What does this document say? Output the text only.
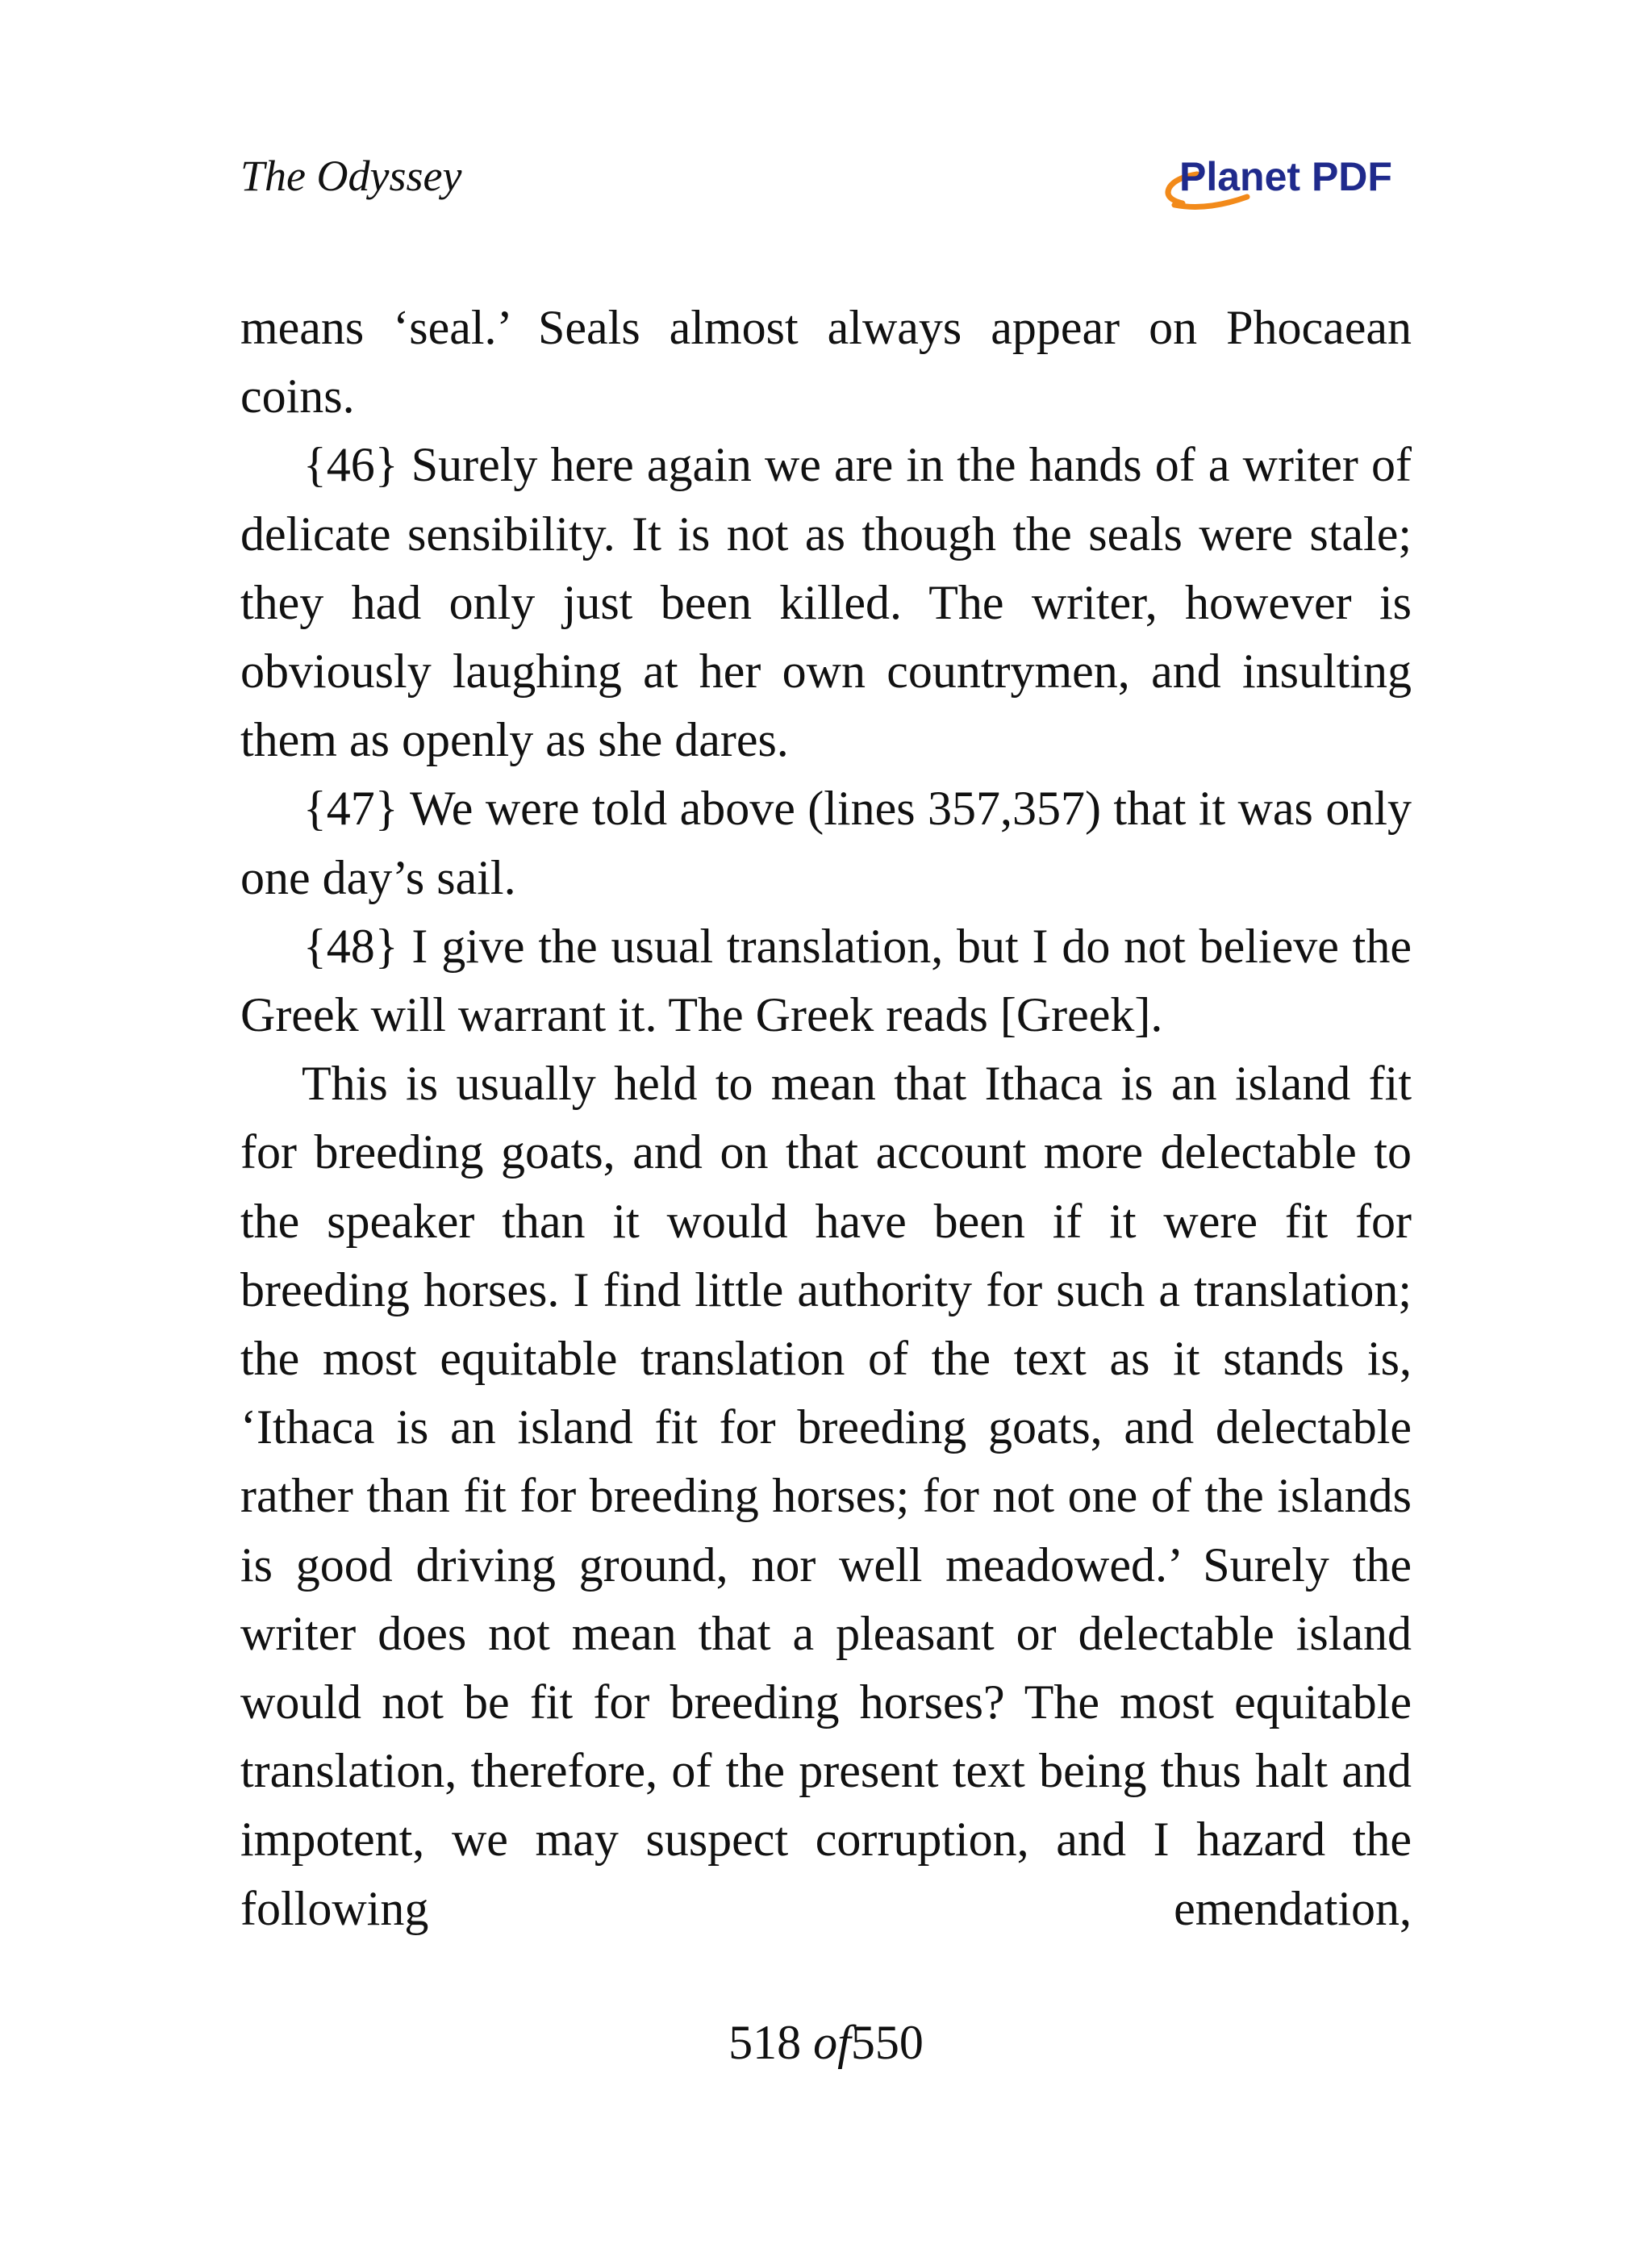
The Odyssey	Planet PDF

means ‘seal.’ Seals almost always appear on Phocaean coins.

{46} Surely here again we are in the hands of a writer of delicate sensibility. It is not as though the seals were stale; they had only just been killed. The writer, however is obviously laughing at her own countrymen, and insulting them as openly as she dares.

{47} We were told above (lines 357,357) that it was only one day’s sail.

{48} I give the usual translation, but I do not believe the Greek will warrant it. The Greek reads [Greek].

This is usually held to mean that Ithaca is an island fit for breeding goats, and on that account more delectable to the speaker than it would have been if it were fit for breeding horses. I find little authority for such a translation; the most equitable translation of the text as it stands is, ‘Ithaca is an island fit for breeding goats, and delectable rather than fit for breeding horses; for not one of the islands is good driving ground, nor well meadowed.’ Surely the writer does not mean that a pleasant or delectable island would not be fit for breeding horses? The most equitable translation, therefore, of the present text being thus halt and impotent, we may suspect corruption, and I hazard the following emendation,

518 of550
